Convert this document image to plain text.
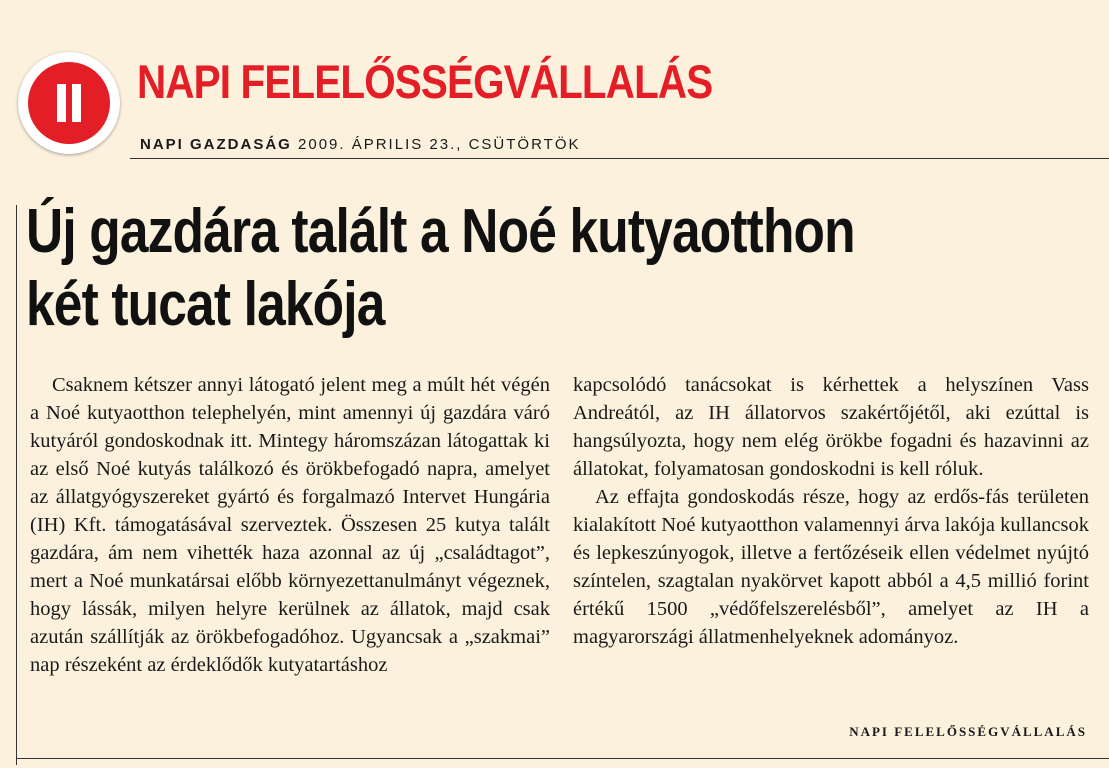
NAPI FELELŐSSÉGVÁLLALÁS
NAPI GAZDASÁG 2009. ÁPRILIS 23., CSÜTÖRTÖK
Új gazdára talált a Noé kutyaotthon két tucat lakója

Csaknem kétszer annyi látogató jelent meg a múlt hét végén a Noé kutyaotthon telephelyén, mint amennyi új gazdára váró kutyáról gondoskodnak itt. Mintegy háromszázan látogattak ki az első Noé kutyás találkozó és örökbefogadó napra, amelyet az állatgyógyszereket gyártó és forgalmazó Intervet Hungária (IH) Kft. támogatásával szerveztek. Összesen 25 kutya talált gazdára, ám nem vihették haza azonnal az új „családtagot”, mert a Noé munkatársai előbb környezettanulmányt végeznek, hogy lássák, milyen helyre kerülnek az állatok, majd csak azután szállítják az örökbefogadóhoz. Ugyancsak a „szakmai” nap részeként az érdeklődők kutyatartáshoz

kapcsolódó tanácsokat is kérhettek a helyszínen Vass Andreától, az IH állatorvos szakértőjétől, aki ezúttal is hangsúlyozta, hogy nem elég örökbe fogadni és hazavinni az állatokat, folyamatosan gondoskodni is kell róluk.

Az effajta gondoskodás része, hogy az erdős-fás területen kialakított Noé kutyaotthon valamennyi árva lakója kullancsok és lepkeszúnyogok, illetve a fertőzéseik ellen védelmet nyújtó színtelen, szagtalan nyakörvet kapott abból a 4,5 millió forint értékű 1500 „védőfelszerelésből”, amelyet az IH a magyarországi állatmenhelyeknek adományoz.

NAPI FELELŐSSÉGVÁLLALÁS
